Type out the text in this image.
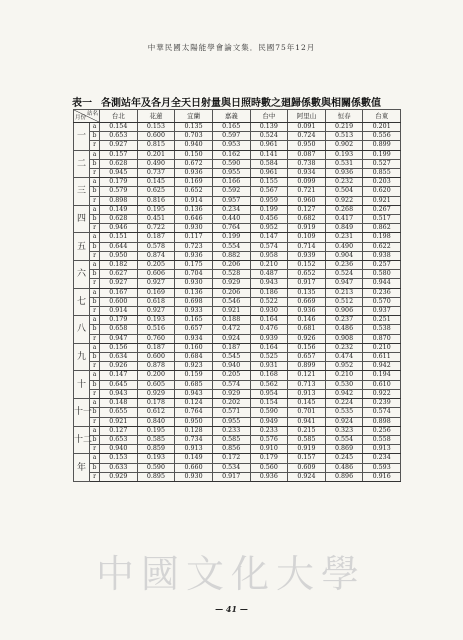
中華民國太陽能學會論文集．民國75年12月
表一 各測站年及各月全天日射量與日照時數之廻歸係數與相關係數值
站名
月份		台北	花蓮	宜蘭	嘉義	台中	阿里山	恒春	台東
一	a	0.154	0.153	0.135	0.165	0.139	0.091	0.219	0.201
	b	0.653	0.600	0.703	0.597	0.524	0.724	0.513	0.556
	r	0.927	0.815	0.940	0.953	0.961	0.950	0.902	0.899
二	a	0.157	0.201	0.150	0.162	0.141	0.087	0.193	0.199
	b	0.628	0.490	0.672	0.590	0.584	0.738	0.531	0.527
	r	0.945	0.737	0.936	0.955	0.961	0.934	0.936	0.855
三	a	0.179	0.145	0.169	0.166	0.155	0.099	0.232	0.203
	b	0.579	0.625	0.652	0.592	0.567	0.721	0.504	0.620
	r	0.898	0.816	0.914	0.957	0.959	0.960	0.922	0.921
四	a	0.149	0.195	0.136	0.234	0.199	0.127	0.268	0.267
	b	0.628	0.451	0.646	0.440	0.456	0.682	0.417	0.517
	r	0.946	0.722	0.930	0.764	0.952	0.919	0.849	0.862
五	a	0.151	0.187	0.117	0.199	0.147	0.109	0.231	0.198
	b	0.644	0.578	0.723	0.554	0.574	0.714	0.490	0.622
	r	0.950	0.874	0.936	0.882	0.958	0.939	0.904	0.938
六	a	0.182	0.205	0.175	0.206	0.210	0.152	0.236	0.257
	b	0.627	0.606	0.704	0.528	0.487	0.652	0.524	0.580
	r	0.927	0.927	0.930	0.929	0.943	0.917	0.947	0.944
七	a	0.167	0.169	0.136	0.206	0.186	0.135	0.213	0.236
	b	0.600	0.618	0.698	0.546	0.522	0.669	0.512	0.570
	r	0.914	0.927	0.933	0.921	0.930	0.936	0.906	0.937
八	a	0.179	0.193	0.165	0.188	0.164	0.146	0.237	0.251
	b	0.658	0.516	0.657	0.472	0.476	0.681	0.486	0.538
	r	0.947	0.760	0.934	0.924	0.939	0.926	0.908	0.870
九	a	0.156	0.187	0.160	0.187	0.164	0.156	0.232	0.210
	b	0.634	0.600	0.684	0.545	0.525	0.657	0.474	0.611
	r	0.926	0.878	0.923	0.940	0.931	0.899	0.952	0.942
十	a	0.147	0.200	0.159	0.205	0.168	0.121	0.210	0.194
	b	0.645	0.605	0.685	0.574	0.562	0.713	0.530	0.610
	r	0.943	0.929	0.943	0.929	0.954	0.913	0.942	0.922
十一	a	0.148	0.178	0.124	0.202	0.154	0.145	0.224	0.239
	b	0.655	0.612	0.764	0.571	0.590	0.701	0.535	0.574
	r	0.921	0.840	0.950	0.955	0.949	0.941	0.924	0.898
十二	a	0.127	0.195	0.128	0.233	0.233	0.215	0.323	0.256
	b	0.653	0.585	0.734	0.585	0.576	0.585	0.554	0.558
	r	0.940	0.859	0.913	0.856	0.910	0.919	0.869	0.913
年	a	0.153	0.193	0.149	0.172	0.179	0.157	0.245	0.234
	b	0.633	0.590	0.660	0.534	0.560	0.609	0.486	0.593
	r	0.929	0.895	0.930	0.917	0.936	0.924	0.896	0.916
中國文化大學
— 41 —
